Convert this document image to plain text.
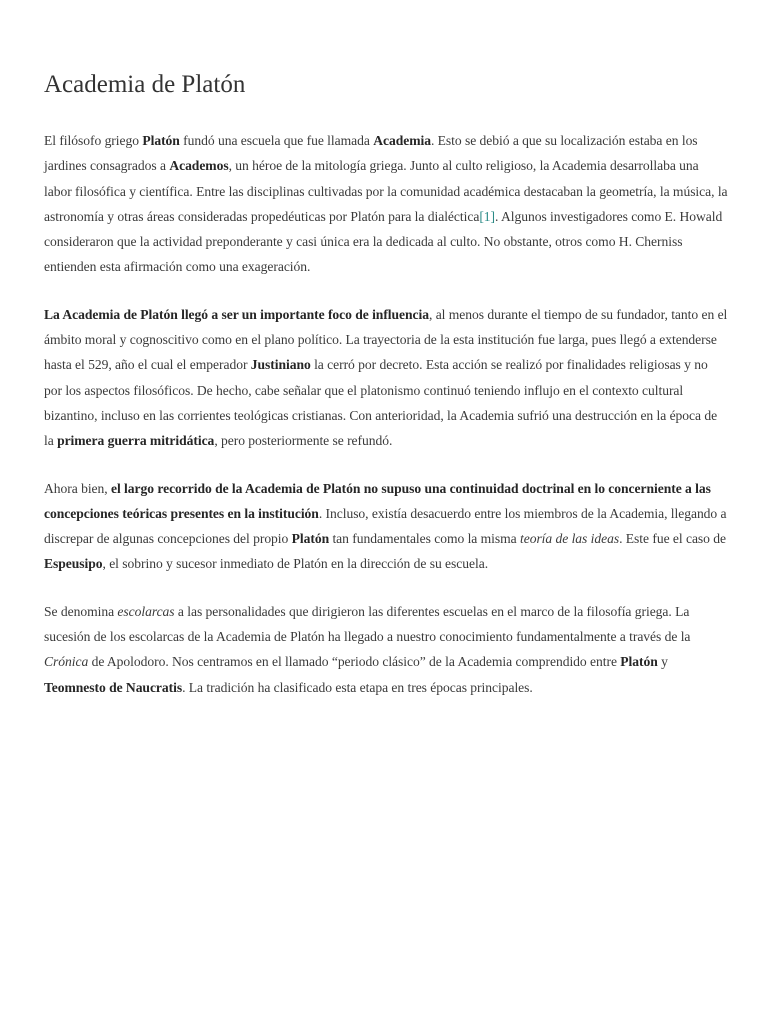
Academia de Platón

El filósofo griego Platón fundó una escuela que fue llamada Academia. Esto se debió a que su localización estaba en los jardines consagrados a Academos, un héroe de la mitología griega. Junto al culto religioso, la Academia desarrollaba una labor filosófica y científica. Entre las disciplinas cultivadas por la comunidad académica destacaban la geometría, la música, la astronomía y otras áreas consideradas propedéuticas por Platón para la dialéctica[1]. Algunos investigadores como E. Howald consideraron que la actividad preponderante y casi única era la dedicada al culto. No obstante, otros como H. Cherniss entienden esta afirmación como una exageración.

La Academia de Platón llegó a ser un importante foco de influencia, al menos durante el tiempo de su fundador, tanto en el ámbito moral y cognoscitivo como en el plano político. La trayectoria de la esta institución fue larga, pues llegó a extenderse hasta el 529, año el cual el emperador Justiniano la cerró por decreto. Esta acción se realizó por finalidades religiosas y no por los aspectos filosóficos. De hecho, cabe señalar que el platonismo continuó teniendo influjo en el contexto cultural bizantino, incluso en las corrientes teológicas cristianas. Con anterioridad, la Academia sufrió una destrucción en la época de la primera guerra mitridática, pero posteriormente se refundó.

Ahora bien, el largo recorrido de la Academia de Platón no supuso una continuidad doctrinal en lo concerniente a las concepciones teóricas presentes en la institución. Incluso, existía desacuerdo entre los miembros de la Academia, llegando a discrepar de algunas concepciones del propio Platón tan fundamentales como la misma teoría de las ideas. Este fue el caso de Espeusipo, el sobrino y sucesor inmediato de Platón en la dirección de su escuela.

Se denomina escolarcas a las personalidades que dirigieron las diferentes escuelas en el marco de la filosofía griega. La sucesión de los escolarcas de la Academia de Platón ha llegado a nuestro conocimiento fundamentalmente a través de la Crónica de Apolodoro. Nos centramos en el llamado “periodo clásico” de la Academia comprendido entre Platón y Teomnesto de Naucratis. La tradición ha clasificado esta etapa en tres épocas principales.
